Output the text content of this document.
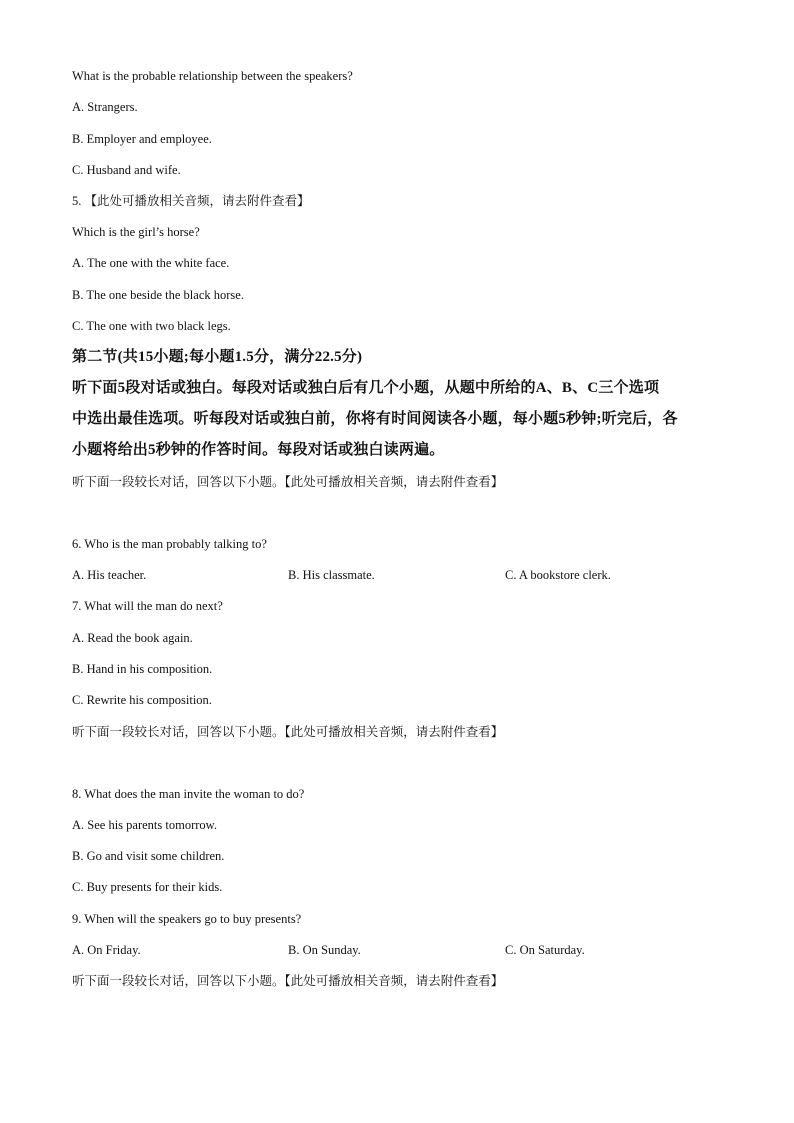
What is the probable relationship between the speakers?
A. Strangers.
B. Employer and employee.
C. Husband and wife.
5. 【此处可播放相关音频，请去附件查看】
Which is the girl’s horse?
A. The one with the white face.
B. The one beside the black horse.
C. The one with two black legs.
第二节(共15小题;每小题1.5分，满分22.5分)
听下面5段对话或独白。每段对话或独白后有几个小题，从题中所给的A、B、C三个选项
中选出最佳选项。听每段对话或独白前，你将有时间阅读各小题，每小题5秒钟;听完后，各
小题将给出5秒钟的作答时间。每段对话或独白读两遍。
听下面一段较长对话，回答以下小题。【此处可播放相关音频，请去附件查看】
6. Who is the man probably talking to?
A. His teacher.	B. His classmate.	C. A bookstore clerk.
7. What will the man do next?
A. Read the book again.
B. Hand in his composition.
C. Rewrite his composition.
听下面一段较长对话，回答以下小题。【此处可播放相关音频，请去附件查看】
8. What does the man invite the woman to do?
A. See his parents tomorrow.
B. Go and visit some children.
C. Buy presents for their kids.
9. When will the speakers go to buy presents?
A. On Friday.	B. On Sunday.	C. On Saturday.
听下面一段较长对话，回答以下小题。【此处可播放相关音频，请去附件查看】
